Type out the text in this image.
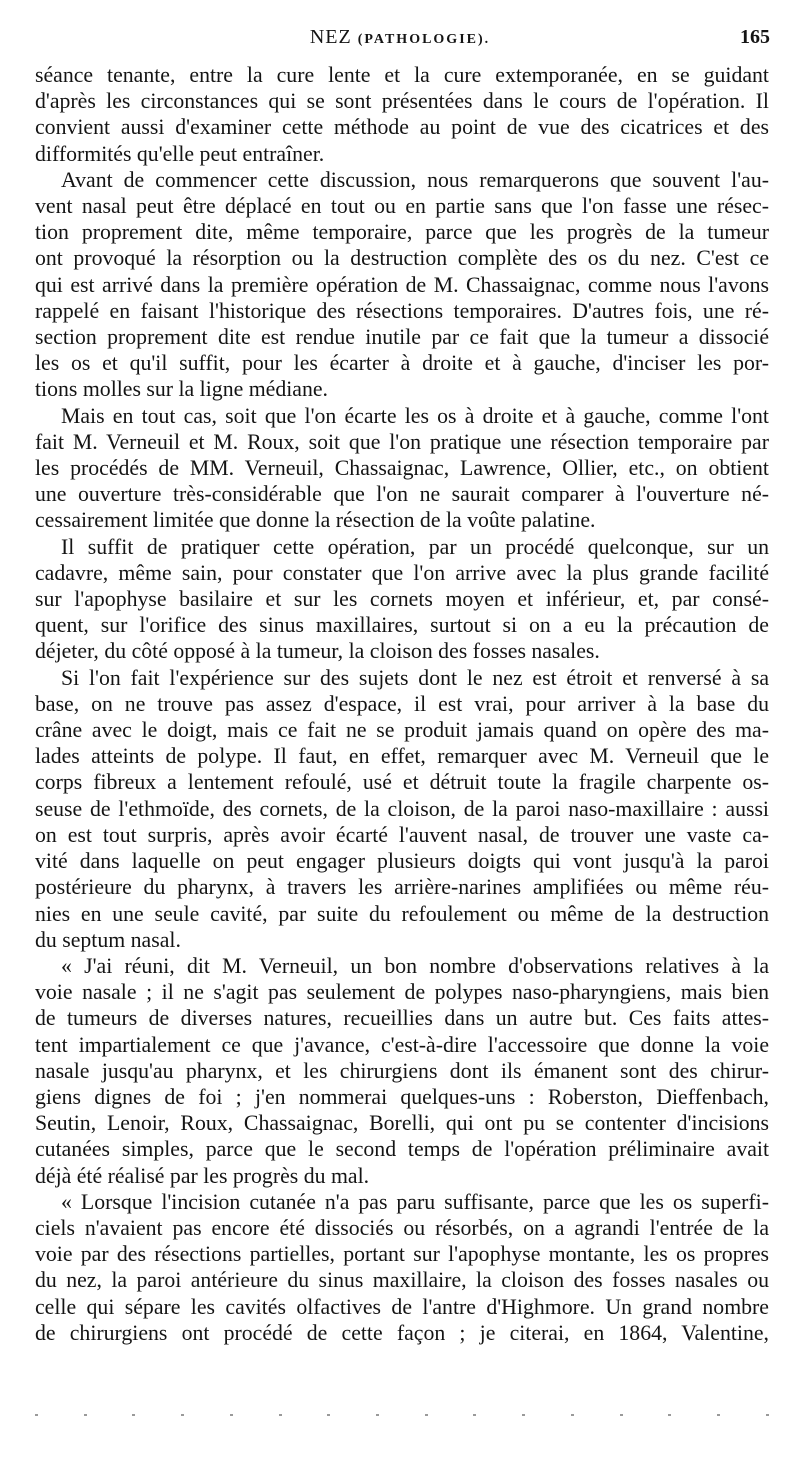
NEZ (PATHOLOGIE).	165

séance tenante, entre la cure lente et la cure extemporanée, en se guidant

d'après les circonstances qui se sont présentées dans le cours de l'opération. Il

convient aussi d'examiner cette méthode au point de vue des cicatrices et des

difformités qu'elle peut entraîner.

Avant de commencer cette discussion, nous remarquerons que souvent l'au-

vent nasal peut être déplacé en tout ou en partie sans que l'on fasse une résec-

tion proprement dite, même temporaire, parce que les progrès de la tumeur

ont provoqué la résorption ou la destruction complète des os du nez. C'est ce

qui est arrivé dans la première opération de M. Chassaignac, comme nous l'avons

rappelé en faisant l'historique des résections temporaires. D'autres fois, une ré-

section proprement dite est rendue inutile par ce fait que la tumeur a dissocié

les os et qu'il suffit, pour les écarter à droite et à gauche, d'inciser les por-

tions molles sur la ligne médiane.

Mais en tout cas, soit que l'on écarte les os à droite et à gauche, comme l'ont

fait M. Verneuil et M. Roux, soit que l'on pratique une résection temporaire par

les procédés de MM. Verneuil, Chassaignac, Lawrence, Ollier, etc., on obtient

une ouverture très-considérable que l'on ne saurait comparer à l'ouverture né-

cessairement limitée que donne la résection de la voûte palatine.

Il suffit de pratiquer cette opération, par un procédé quelconque, sur un

cadavre, même sain, pour constater que l'on arrive avec la plus grande facilité

sur l'apophyse basilaire et sur les cornets moyen et inférieur, et, par consé-

quent, sur l'orifice des sinus maxillaires, surtout si on a eu la précaution de

déjeter, du côté opposé à la tumeur, la cloison des fosses nasales.

Si l'on fait l'expérience sur des sujets dont le nez est étroit et renversé à sa

base, on ne trouve pas assez d'espace, il est vrai, pour arriver à la base du

crâne avec le doigt, mais ce fait ne se produit jamais quand on opère des ma-

lades atteints de polype. Il faut, en effet, remarquer avec M. Verneuil que le

corps fibreux a lentement refoulé, usé et détruit toute la fragile charpente os-

seuse de l'ethmoïde, des cornets, de la cloison, de la paroi naso-maxillaire : aussi

on est tout surpris, après avoir écarté l'auvent nasal, de trouver une vaste ca-

vité dans laquelle on peut engager plusieurs doigts qui vont jusqu'à la paroi

postérieure du pharynx, à travers les arrière-narines amplifiées ou même réu-

nies en une seule cavité, par suite du refoulement ou même de la destruction

du septum nasal.

« J'ai réuni, dit M. Verneuil, un bon nombre d'observations relatives à la

voie nasale ; il ne s'agit pas seulement de polypes naso-pharyngiens, mais bien

de tumeurs de diverses natures, recueillies dans un autre but. Ces faits attes-

tent impartialement ce que j'avance, c'est-à-dire l'accessoire que donne la voie

nasale jusqu'au pharynx, et les chirurgiens dont ils émanent sont des chirur-

giens dignes de foi ; j'en nommerai quelques-uns : Roberston, Dieffenbach,

Seutin, Lenoir, Roux, Chassaignac, Borelli, qui ont pu se contenter d'incisions

cutanées simples, parce que le second temps de l'opération préliminaire avait

déjà été réalisé par les progrès du mal.

« Lorsque l'incision cutanée n'a pas paru suffisante, parce que les os superfi-

ciels n'avaient pas encore été dissociés ou résorbés, on a agrandi l'entrée de la

voie par des résections partielles, portant sur l'apophyse montante, les os propres

du nez, la paroi antérieure du sinus maxillaire, la cloison des fosses nasales ou

celle qui sépare les cavités olfactives de l'antre d'Highmore. Un grand nombre

de chirurgiens ont procédé de cette façon ; je citerai, en 1864, Valentine,
